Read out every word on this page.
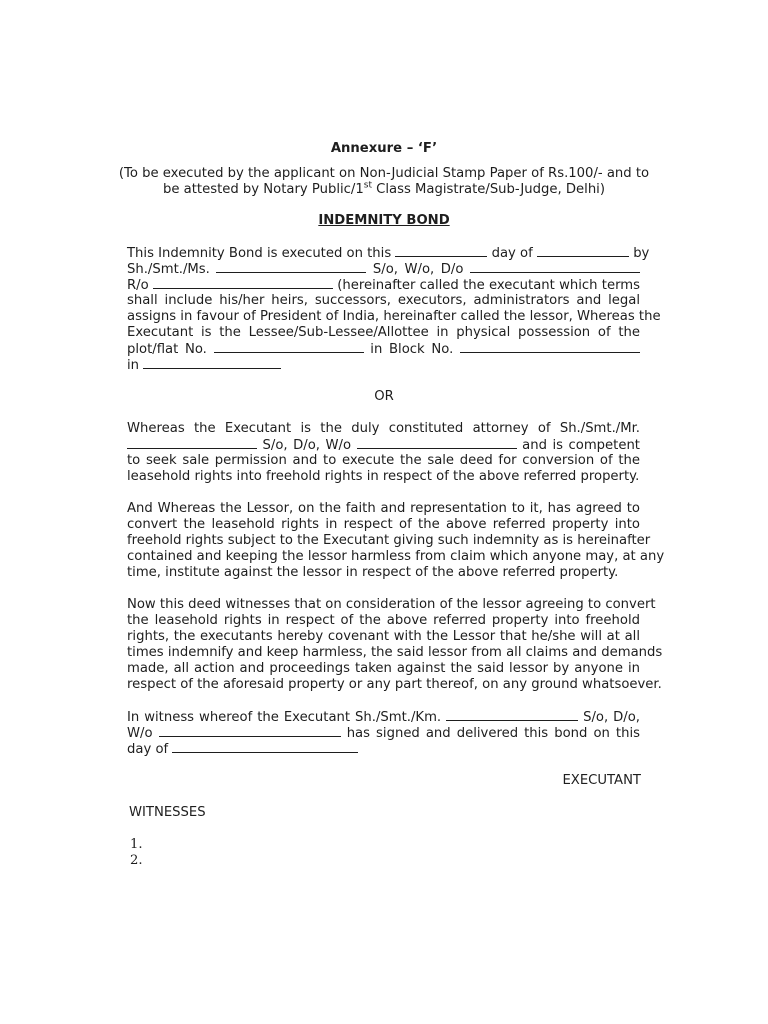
Annexure – ‘F’
(To be executed by the applicant on Non-Judicial Stamp Paper of Rs.100/- and to
be attested by Notary Public/1st Class Magistrate/Sub-Judge, Delhi)
INDEMNITY BOND
This Indemnity Bond is executed on this	day of	by
Sh./Smt./Ms.	S/o, W/o, D/o
R/o	(hereinafter called the executant which terms
shall include his/her heirs, successors, executors, administrators and legal
assigns in favour of President of India, hereinafter called the lessor, Whereas the
Executant is the Lessee/Sub-Lessee/Allottee in physical possession of the
plot/flat No.	in Block No.
in
OR
Whereas the Executant is the duly constituted attorney of Sh./Smt./Mr.
S/o, D/o, W/o	and is competent
to seek sale permission and to execute the sale deed for conversion of the
leasehold rights into freehold rights in respect of the above referred property.
And Whereas the Lessor, on the faith and representation to it, has agreed to
convert the leasehold rights in respect of the above referred property into
freehold rights subject to the Executant giving such indemnity as is hereinafter
contained and keeping the lessor harmless from claim which anyone may, at any
time, institute against the lessor in respect of the above referred property.
Now this deed witnesses that on consideration of the lessor agreeing to convert
the leasehold rights in respect of the above referred property into freehold
rights, the executants hereby covenant with the Lessor that he/she will at all
times indemnify and keep harmless, the said lessor from all claims and demands
made, all action and proceedings taken against the said lessor by anyone in
respect of the aforesaid property or any part thereof, on any ground whatsoever.
In witness whereof the Executant Sh./Smt./Km.	S/o, D/o,
W/o	has signed and delivered this bond on this
day of
EXECUTANT
WITNESSES
1.
2.
